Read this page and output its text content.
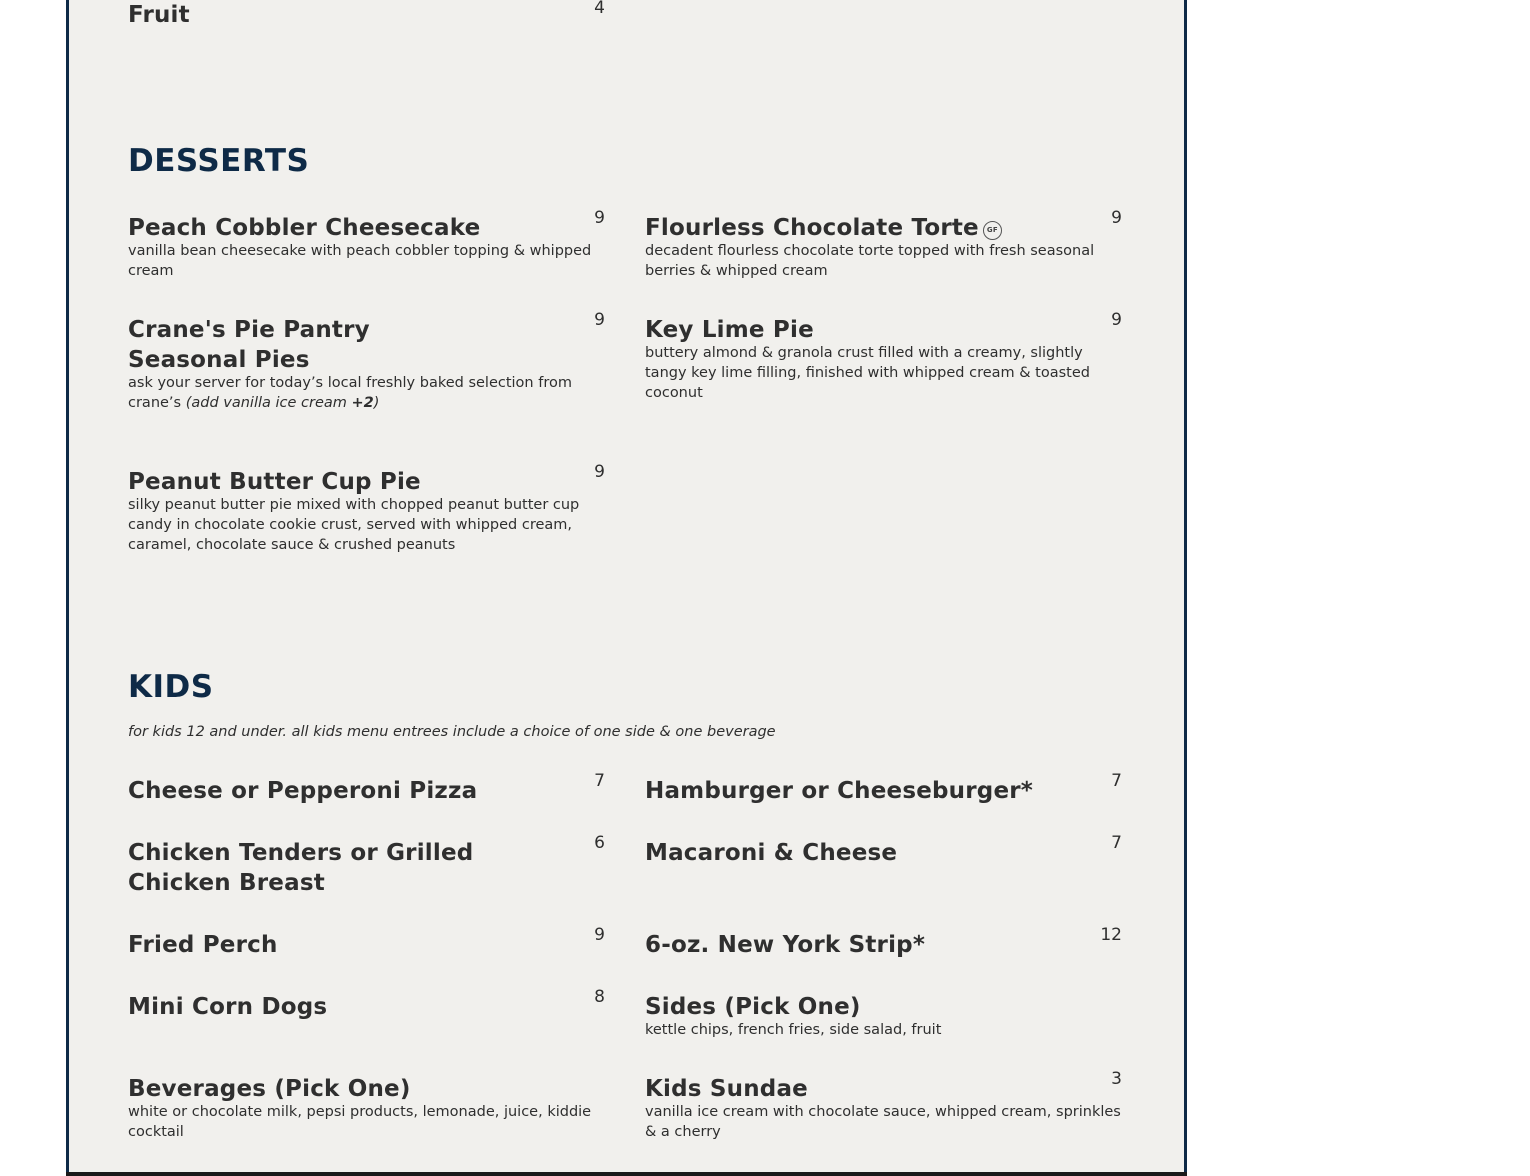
Fruit	4
DESSERTS
Peach Cobbler Cheesecake	9
vanilla bean cheesecake with peach cobbler topping & whipped cream
Flourless Chocolate Torte GF
9
decadent flourless chocolate torte topped with fresh seasonal berries & whipped cream
Crane's Pie Pantry Seasonal Pies
9
ask your server for today’s local freshly baked selection from crane’s (add vanilla ice cream +2)
Key Lime Pie	9
buttery almond & granola crust filled with a creamy, slightly tangy key lime filling, finished with whipped cream & toasted coconut
Peanut Butter Cup Pie	9
silky peanut butter pie mixed with chopped peanut butter cup candy in chocolate cookie crust, served with whipped cream, caramel, chocolate sauce & crushed peanuts
KIDS
for kids 12 and under. all kids menu entrees include a choice of one side & one beverage
Cheese or Pepperoni Pizza	7 Hamburger or Cheeseburger*	7
Chicken Tenders or Grilled Chicken Breast
6 Macaroni & Cheese	7
Fried Perch	9 6-oz. New York Strip*	12
Mini Corn Dogs	8 Sides (Pick One)
kettle chips, french fries, side salad, fruit
Beverages (Pick One)
white or chocolate milk, pepsi products, lemonade, juice, kiddie cocktail
Kids Sundae	3
vanilla ice cream with chocolate sauce, whipped cream, sprinkles & a cherry
